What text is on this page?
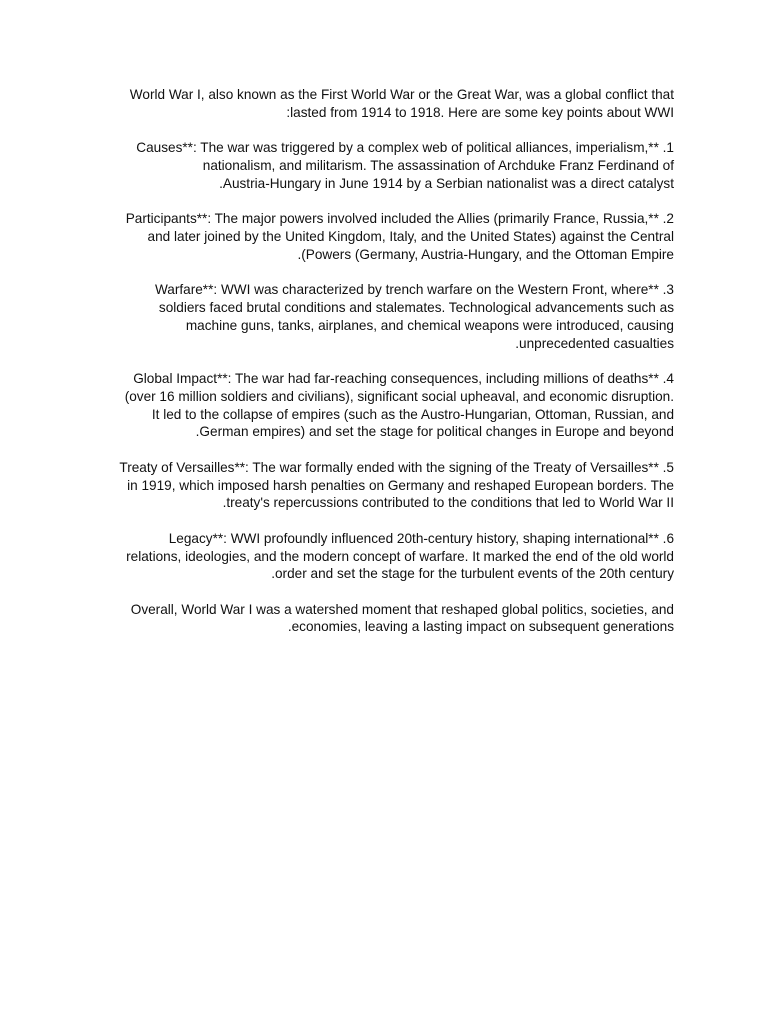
World War I, also known as the First World War or the Great War, was a global conflict that
:lasted from 1914 to 1918. Here are some key points about WWI
Causes**: The war was triggered by a complex web of political alliances, imperialism,** .1
nationalism, and militarism. The assassination of Archduke Franz Ferdinand of
.Austria-Hungary in June 1914 by a Serbian nationalist was a direct catalyst
Participants**: The major powers involved included the Allies (primarily France, Russia,** .2
and later joined by the United Kingdom, Italy, and the United States) against the Central
.(Powers (Germany, Austria-Hungary, and the Ottoman Empire
Warfare**: WWI was characterized by trench warfare on the Western Front, where** .3
soldiers faced brutal conditions and stalemates. Technological advancements such as
machine guns, tanks, airplanes, and chemical weapons were introduced, causing
.unprecedented casualties
Global Impact**: The war had far-reaching consequences, including millions of deaths** .4
(over 16 million soldiers and civilians), significant social upheaval, and economic disruption.
It led to the collapse of empires (such as the Austro-Hungarian, Ottoman, Russian, and
.German empires) and set the stage for political changes in Europe and beyond
Treaty of Versailles**: The war formally ended with the signing of the Treaty of Versailles** .5
in 1919, which imposed harsh penalties on Germany and reshaped European borders. The
.treaty's repercussions contributed to the conditions that led to World War II
Legacy**: WWI profoundly influenced 20th-century history, shaping international** .6
relations, ideologies, and the modern concept of warfare. It marked the end of the old world
.order and set the stage for the turbulent events of the 20th century
Overall, World War I was a watershed moment that reshaped global politics, societies, and
.economies, leaving a lasting impact on subsequent generations
